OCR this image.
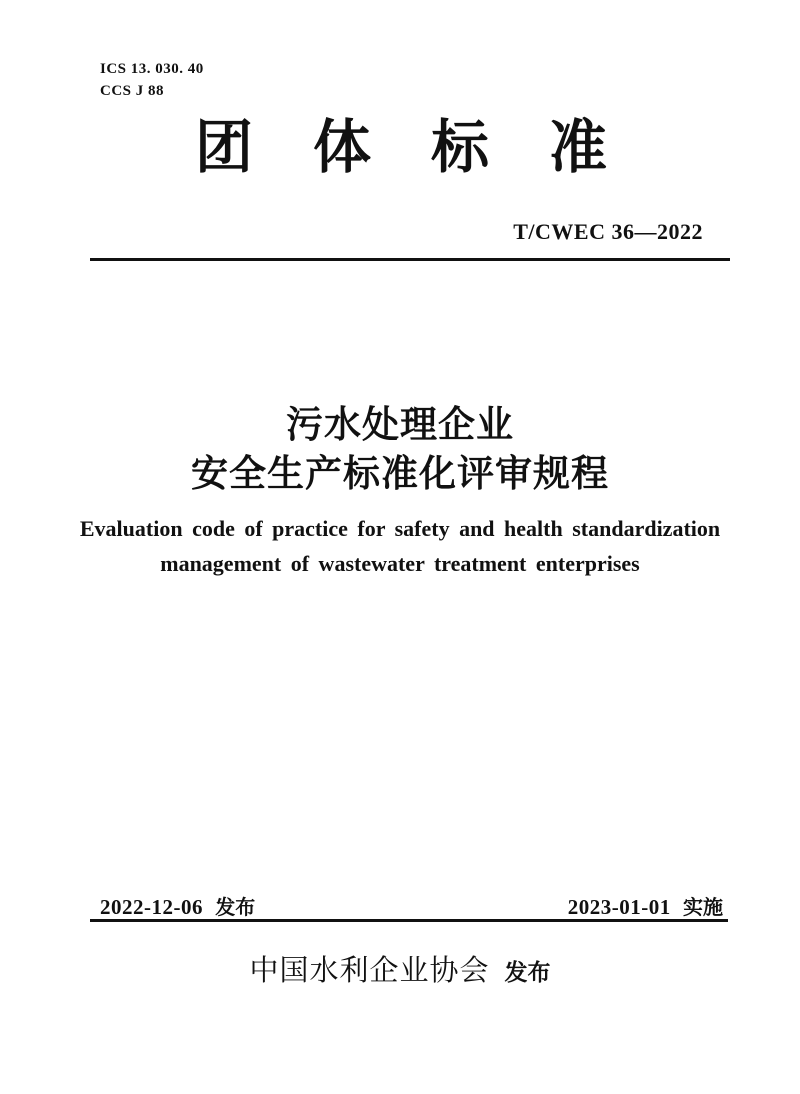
ICS 13. 030. 40
CCS J 88
团 体 标 准
T/CWEC 36—2022
污水处理企业
安全生产标准化评审规程
Evaluation code of practice for safety and health standardization
management of wastewater treatment enterprises
2022-12-06 发布	2023-01-01 实施
中国水利企业协会 发布
